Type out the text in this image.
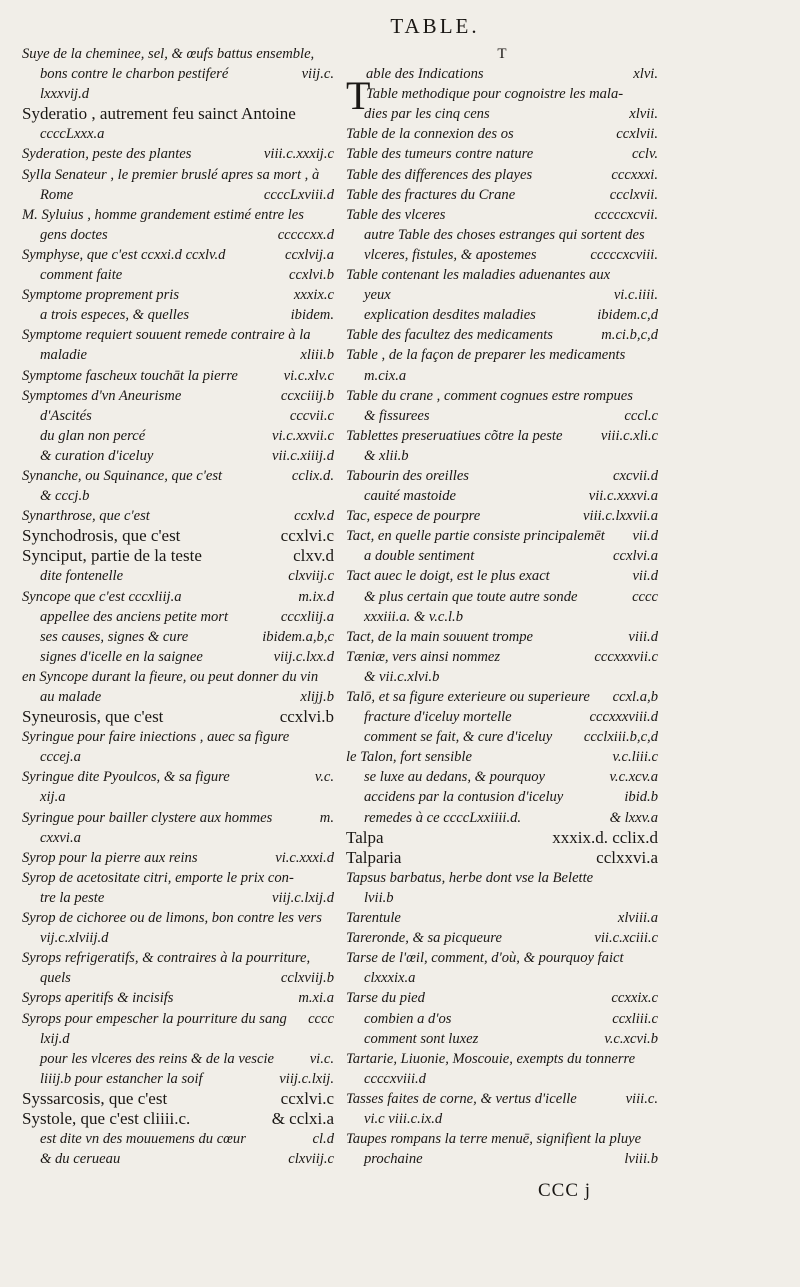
TABLE.
Suye de la cheminee, sel, & œufs battus ensemble,
bons contre le charbon pestiferé	viij.c.
lxxxvij.d
Syderatio , autrement feu sainct Antoine
ccccLxxx.a
Syderation, peste des plantes	viii.c.xxxij.c
Sylla Senateur , le premier bruslé apres sa mort , à
Rome	ccccLxviii.d
M. Syluius , homme grandement estimé entre les
gens doctes	cccccxx.d
Symphyse, que c'est ccxxi.d ccxlv.d	ccxlvij.a
comment faite	ccxlvi.b
Symptome proprement pris	xxxix.c
a trois especes, & quelles	ibidem.
Symptome requiert souuent remede contraire à la
maladie	xliii.b
Symptome fascheux touchāt la pierre	vi.c.xlv.c
Symptomes d'vn Aneurisme	ccxciiij.b
d'Ascités	cccvii.c
du glan non percé	vi.c.xxvii.c
& curation d'iceluy	vii.c.xiiij.d
Synanche, ou Squinance, que c'est	cclix.d.
& cccj.b
Synarthrose, que c'est	ccxlv.d
Synchodrosis, que c'est	ccxlvi.c
Synciput, partie de la teste	clxv.d
dite fontenelle	clxviij.c
Syncope que c'est cccxliij.a	m.ix.d
appellee des anciens petite mort	cccxliij.a
ses causes, signes & cure	ibidem.a,b,c
signes d'icelle en la saignee	viij.c.lxx.d
en Syncope durant la fieure, ou peut donner du vin
au malade	xlijj.b
Syneurosis, que c'est	ccxlvi.b
Syringue pour faire iniections , auec sa figure
cccej.a
Syringue dite Pyoulcos, & sa figure	v.c.
xij.a
Syringue pour bailler clystere aux hommes	m.
cxxvi.a
Syrop pour la pierre aux reins	vi.c.xxxi.d
Syrop de acetositate citri, emporte le prix con-
tre la peste	viij.c.lxij.d
Syrop de cichoree ou de limons, bon contre les vers
vij.c.xlviij.d
Syrops refrigeratifs, & contraires à la pourriture,
quels	cclxviij.b
Syrops aperitifs & incisifs	m.xi.a
Syrops pour empescher la pourriture du sang cccc
lxij.d
pour les vlceres des reins & de la vescie vi.c.
liiij.b pour estancher la soif	viij.c.lxij.
Syssarcosis, que c'est	ccxlvi.c
Systole, que c'est cliiii.c.	& cclxi.a
est dite vn des mouuemens du cœur	cl.d
& du cerueau	clxviij.c
T
T
able des Indications	xlvi.
Table methodique pour cognoistre les mala-
dies par les cinq cens	xlvii.
Table de la connexion des os	ccxlvii.
Table des tumeurs contre nature	cclv.
Table des differences des playes	cccxxxi.
Table des fractures du Crane	ccclxvii.
Table des vlceres	cccccxcvii.
autre Table des choses estranges qui sortent des
vlceres, fistules, & apostemes	cccccxcviii.
Table contenant les maladies aduenantes aux
yeux	vi.c.iiii.
explication desdites maladies	ibidem.c,d
Table des facultez des medicaments	m.ci.b,c,d
Table , de la façon de preparer les medicaments
m.cix.a
Table du crane , comment cognues estre rompues
& fissurees	cccl.c
Tablettes preseruatiues cõtre la peste	viii.c.xli.c
& xlii.b
Tabourin des oreilles	cxcvii.d
cauité mastoide	vii.c.xxxvi.a
Tac, espece de pourpre	viii.c.lxxvii.a
Tact, en quelle partie consiste principalemēt vii.d
a double sentiment	ccxlvi.a
Tact auec le doigt, est le plus exact	vii.d
& plus certain que toute autre sonde	cccc
xxxiii.a. & v.c.l.b
Tact, de la main souuent trompe	viii.d
Tæniæ, vers ainsi nommez	cccxxxvii.c
& vii.c.xlvi.b
Talō, et sa figure exterieure ou superieure ccxl.a,b
fracture d'iceluy mortelle	cccxxxviii.d
comment se fait, & cure d'iceluy ccclxiii.b,c,d
le Talon, fort sensible	v.c.liii.c
se luxe au dedans, & pourquoy	v.c.xcv.a
accidens par la contusion d'iceluy	ibid.b
remedes à ce ccccLxxiiii.d.	& lxxv.a
Talpa	xxxix.d. cclix.d
Talparia	cclxxvi.a
Tapsus barbatus, herbe dont vse la Belette
lvii.b
Tarentule	xlviii.a
Tareronde, & sa picqueure	vii.c.xciii.c
Tarse de l'œil, comment, d'où, & pourquoy faict
clxxxix.a
Tarse du pied	ccxxix.c
combien a d'os	ccxliii.c
comment sont luxez	v.c.xcvi.b
Tartarie, Liuonie, Moscouie, exempts du tonnerre
ccccxviii.d
Tasses faites de corne, & vertus d'icelle	viii.c.
vi.c viii.c.ix.d
Taupes rompans la terre menuē, signifient la pluye
prochaine	lviii.b
CCC j
